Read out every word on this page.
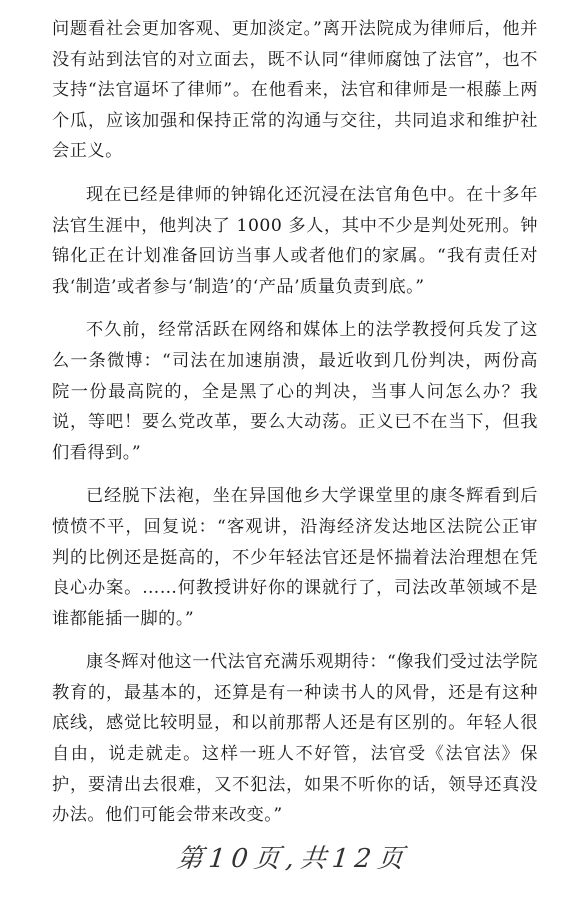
问题看社会更加客观、更加淡定。”离开法院成为律师后，他并没有站到法官的对立面去，既不认同“律师腐蚀了法官”，也不支持“法官逼坏了律师”。在他看来，法官和律师是一根藤上两个瓜，应该加强和保持正常的沟通与交往，共同追求和维护社会正义。

现在已经是律师的钟锦化还沉浸在法官角色中。在十多年法官生涯中，他判决了 1000 多人，其中不少是判处死刑。钟锦化正在计划准备回访当事人或者他们的家属。“我有责任对我‘制造’或者参与‘制造’的‘产品’质量负责到底。”

不久前，经常活跃在网络和媒体上的法学教授何兵发了这么一条微博：“司法在加速崩溃，最近收到几份判决，两份高院一份最高院的，全是黑了心的判决，当事人问怎么办？我说，等吧！要么党改革，要么大动荡。正义已不在当下，但我们看得到。”

已经脱下法袍，坐在异国他乡大学课堂里的康冬辉看到后愤愤不平，回复说：“客观讲，沿海经济发达地区法院公正审判的比例还是挺高的，不少年轻法官还是怀揣着法治理想在凭良心办案。……何教授讲好你的课就行了，司法改革领域不是谁都能插一脚的。”

康冬辉对他这一代法官充满乐观期待：“像我们受过法学院教育的，最基本的，还算是有一种读书人的风骨，还是有这种底线，感觉比较明显，和以前那帮人还是有区别的。年轻人很自由，说走就走。这样一班人不好管，法官受《法官法》保护，要清出去很难，又不犯法，如果不听你的话，领导还真没办法。他们可能会带来改变。”

第10页,共12页
